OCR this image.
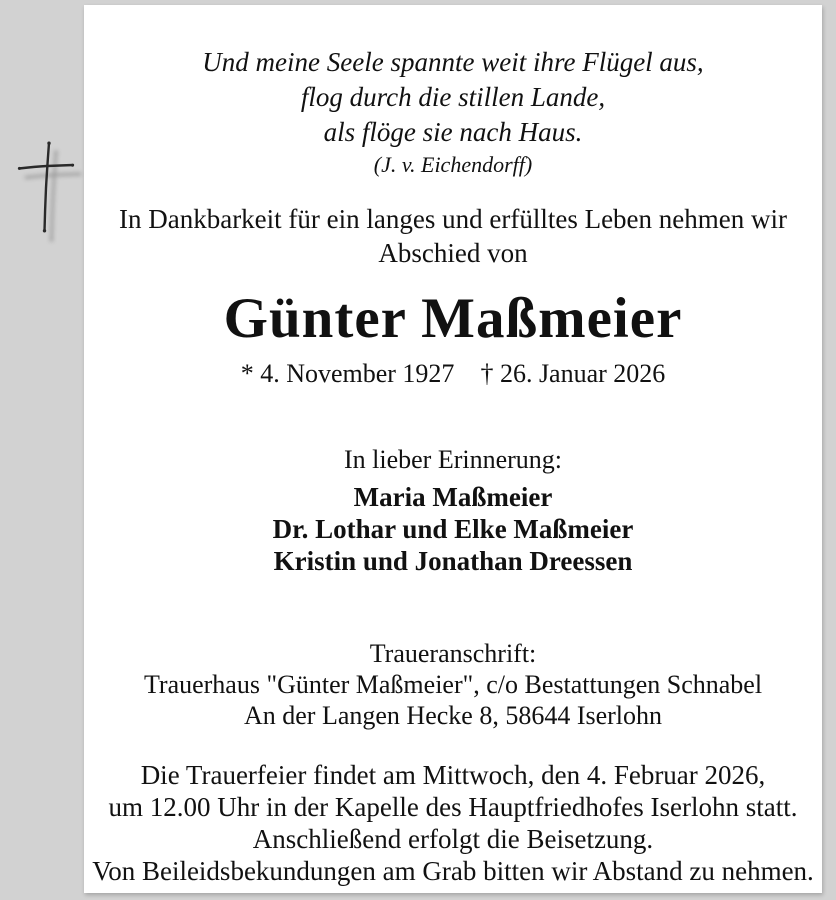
Und meine Seele spannte weit ihre Flügel aus,
flog durch die stillen Lande,
als flöge sie nach Haus.
(J. v. Eichendorff)
In Dankbarkeit für ein langes und erfülltes Leben nehmen wir
Abschied von
Günter Maßmeier
* 4. November 1927 † 26. Januar 2026
In lieber Erinnerung:
Maria Maßmeier
Dr. Lothar und Elke Maßmeier
Kristin und Jonathan Dreessen
Traueranschrift:
Trauerhaus "Günter Maßmeier", c/o Bestattungen Schnabel
An der Langen Hecke 8, 58644 Iserlohn
Die Trauerfeier findet am Mittwoch, den 4. Februar 2026,
um 12.00 Uhr in der Kapelle des Hauptfriedhofes Iserlohn statt.
Anschließend erfolgt die Beisetzung.
Von Beileidsbekundungen am Grab bitten wir Abstand zu nehmen.
